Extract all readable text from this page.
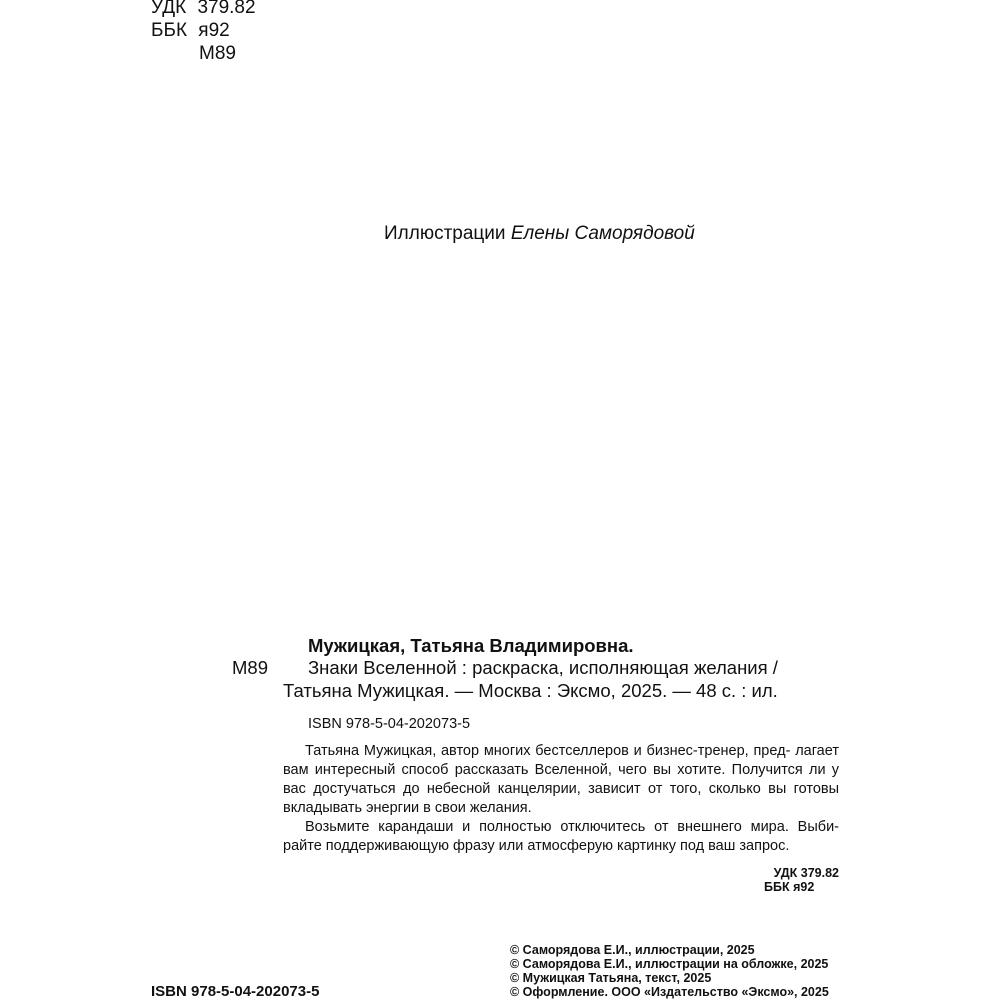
УДК 379.82
ББК я92
М89
Иллюстрации Елены Саморядовой
Мужицкая, Татьяна Владимировна.
М89 Знаки Вселенной : раскраска, исполняющая желания /
Татьяна Мужицкая. — Москва : Эксмо, 2025. — 48 с. : ил.
ISBN 978-5-04-202073-5

Татьяна Мужицкая, автор многих бестселлеров и бизнес-тренер, пред- лагает вам интересный способ рассказать Вселенной, чего вы хотите. Получится ли у вас достучаться до небесной канцелярии, зависит от того, сколько вы готовы вкладывать энергии в свои желания.

Возьмите карандаши и полностью отключитесь от внешнего мира. Выби- райте поддерживающую фразу или атмосферую картинку под ваш запрос.

УДК 379.82
ББК я92
ISBN 978-5-04-202073-5
© Саморядова Е.И., иллюстрации, 2025
© Саморядова Е.И., иллюстрации на обложке, 2025
© Мужицкая Татьяна, текст, 2025
© Оформление. ООО «Издательство «Эксмо», 2025
